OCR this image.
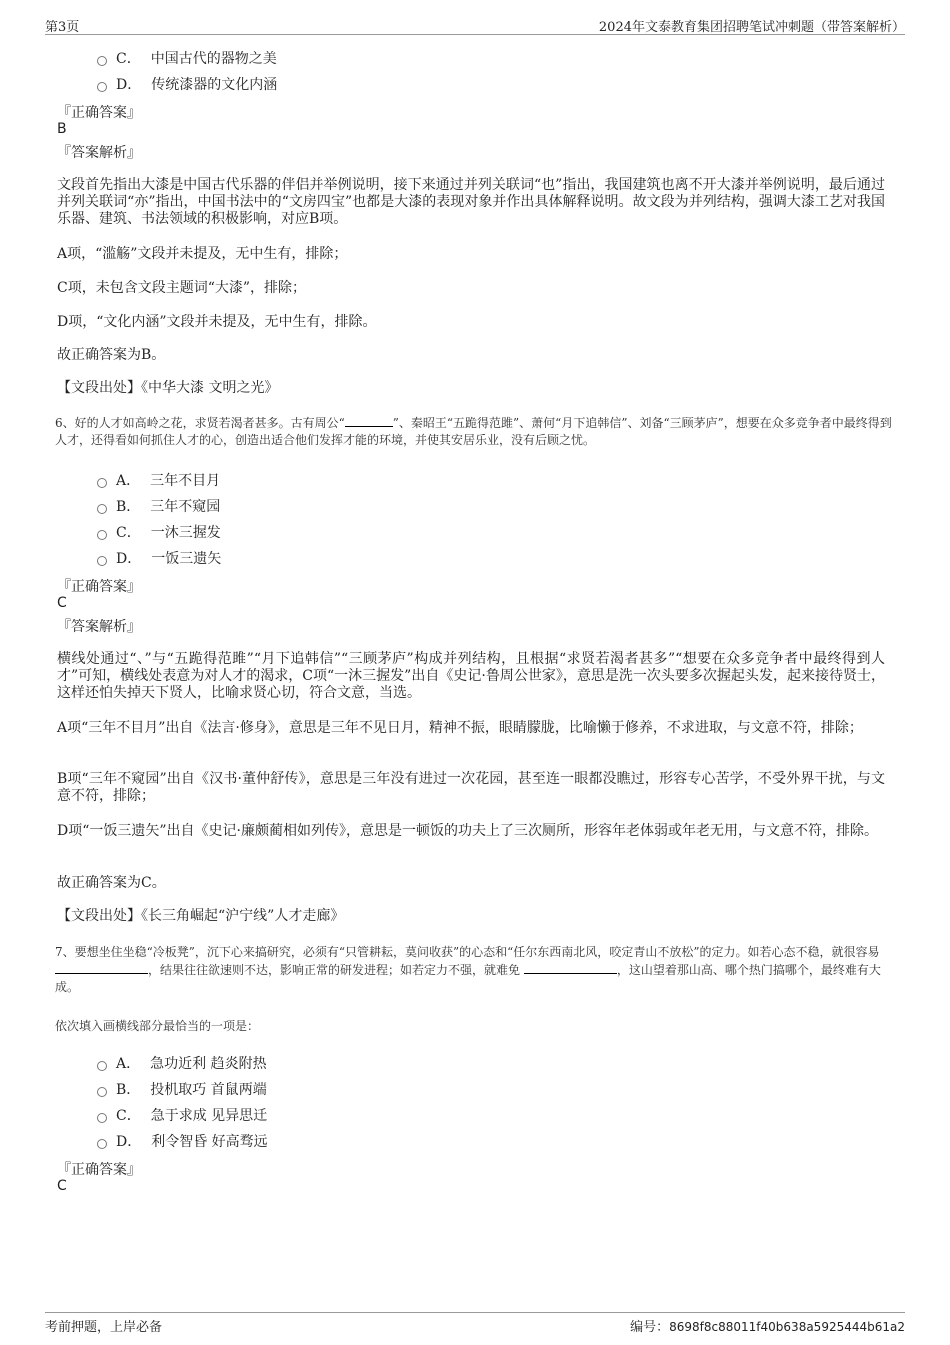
第3页	2024年文泰教育集团招聘笔试冲刺题（带答案解析）
C． 中国古代的器物之美
D． 传统漆器的文化内涵
『正确答案』
B
『答案解析』
文段首先指出大漆是中国古代乐器的伴侣并举例说明，接下来通过并列关联词“也”指出，我国建筑也离不开大漆并举例说明，最后通过并列关联词“亦”指出，中国书法中的“文房四宝”也都是大漆的表现对象并作出具体解释说明。故文段为并列结构，强调大漆工艺对我国乐器、建筑、书法领域的积极影响，对应B项。
A项，“滥觞”文段并未提及，无中生有，排除；
C项，未包含文段主题词“大漆”，排除；
D项，“文化内涵”文段并未提及，无中生有，排除。
故正确答案为B。
【文段出处】《中华大漆 文明之光》
6、好的人才如高岭之花，求贤若渴者甚多。古有周公“	”、秦昭王“五跪得范雎”、萧何“月下追韩信”、刘备“三顾茅庐”，想要在众多竞争者中最终得到人才，还得看如何抓住人才的心，创造出适合他们发挥才能的环境，并使其安居乐业，没有后顾之忧。
A． 三年不目月
B． 三年不窥园
C． 一沐三握发
D． 一饭三遗矢
『正确答案』
C
『答案解析』
横线处通过“、”与“五跪得范雎”“月下追韩信”“三顾茅庐”构成并列结构，且根据“求贤若渴者甚多”“想要在众多竞争者中最终得到人才”可知，横线处表意为对人才的渴求，C项“一沐三握发”出自《史记·鲁周公世家》，意思是洗一次头要多次握起头发，起来接待贤士，这样还怕失掉天下贤人，比喻求贤心切，符合文意，当选。
A项“三年不目月”出自《法言·修身》，意思是三年不见日月，精神不振，眼睛朦胧，比喻懒于修养，不求进取，与文意不符，排除；
B项“三年不窥园”出自《汉书·董仲舒传》，意思是三年没有进过一次花园，甚至连一眼都没瞧过，形容专心苦学，不受外界干扰，与文意不符，排除；
D项“一饭三遗矢”出自《史记·廉颇蔺相如列传》，意思是一顿饭的功夫上了三次厕所，形容年老体弱或年老无用，与文意不符，排除。
故正确答案为C。
【文段出处】《长三角崛起“沪宁线”人才走廊》
7、要想坐住坐稳“冷板凳”，沉下心来搞研究，必须有“只管耕耘，莫问收获”的心态和“任尔东西南北风，咬定青山不放松”的定力。如若心态不稳，就很容易 ，结果往往欲速则不达，影响正常的研发进程；如若定力不强，就难免	，这山望着那山高、哪个热门搞哪个，最终难有大成。
依次填入画横线部分最恰当的一项是：
A． 急功近利 趋炎附热
B． 投机取巧 首鼠两端
C． 急于求成 见异思迁
D． 利令智昏 好高骛远
『正确答案』
C
考前押题，上岸必备	编号：8698f8c88011f40b638a5925444b61a2
